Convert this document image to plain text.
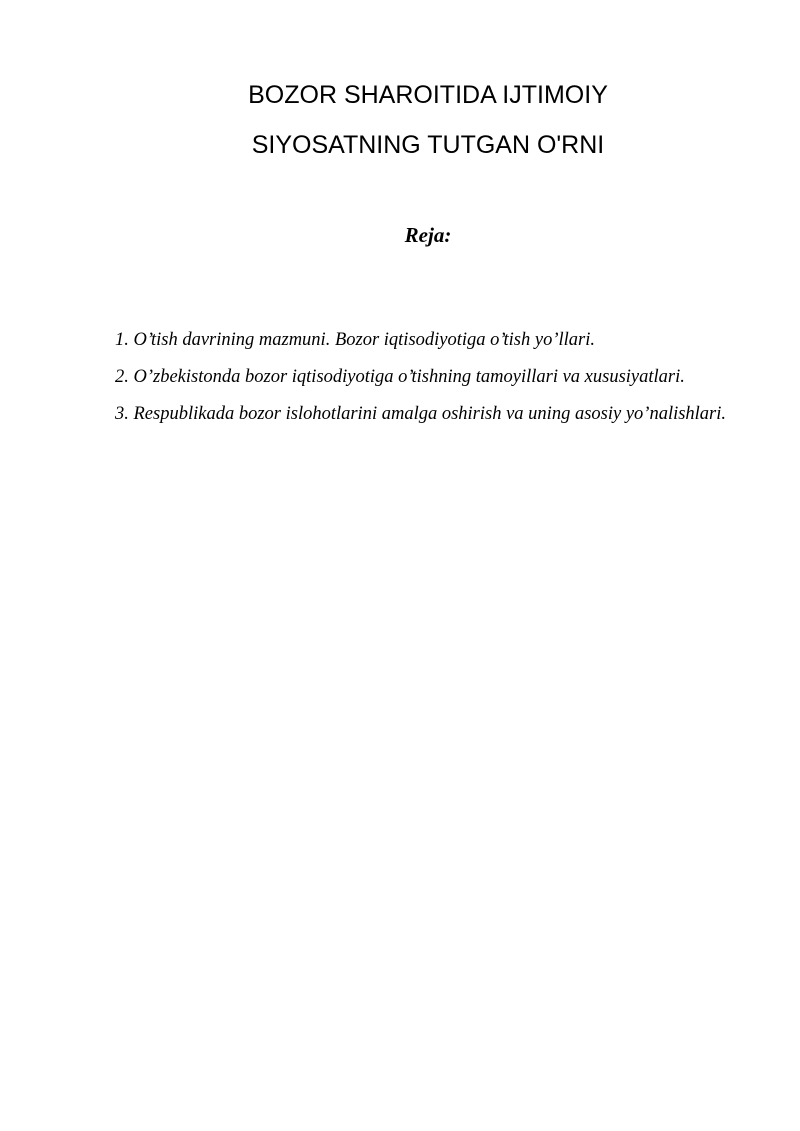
BOZOR SHAROITIDA IJTIMOIY
SIYOSATNING TUTGAN O'RNI
Reja:
1. O’tish davrining mazmuni. Bozor iqtisodiyotiga o’tish yo’llari.
2. O’zbekistonda bozor iqtisodiyotiga o’tishning tamoyillari va xususiyatlari.
3. Respublikada bozor islohotlarini amalga oshirish va uning asosiy yo’nalishlari.
